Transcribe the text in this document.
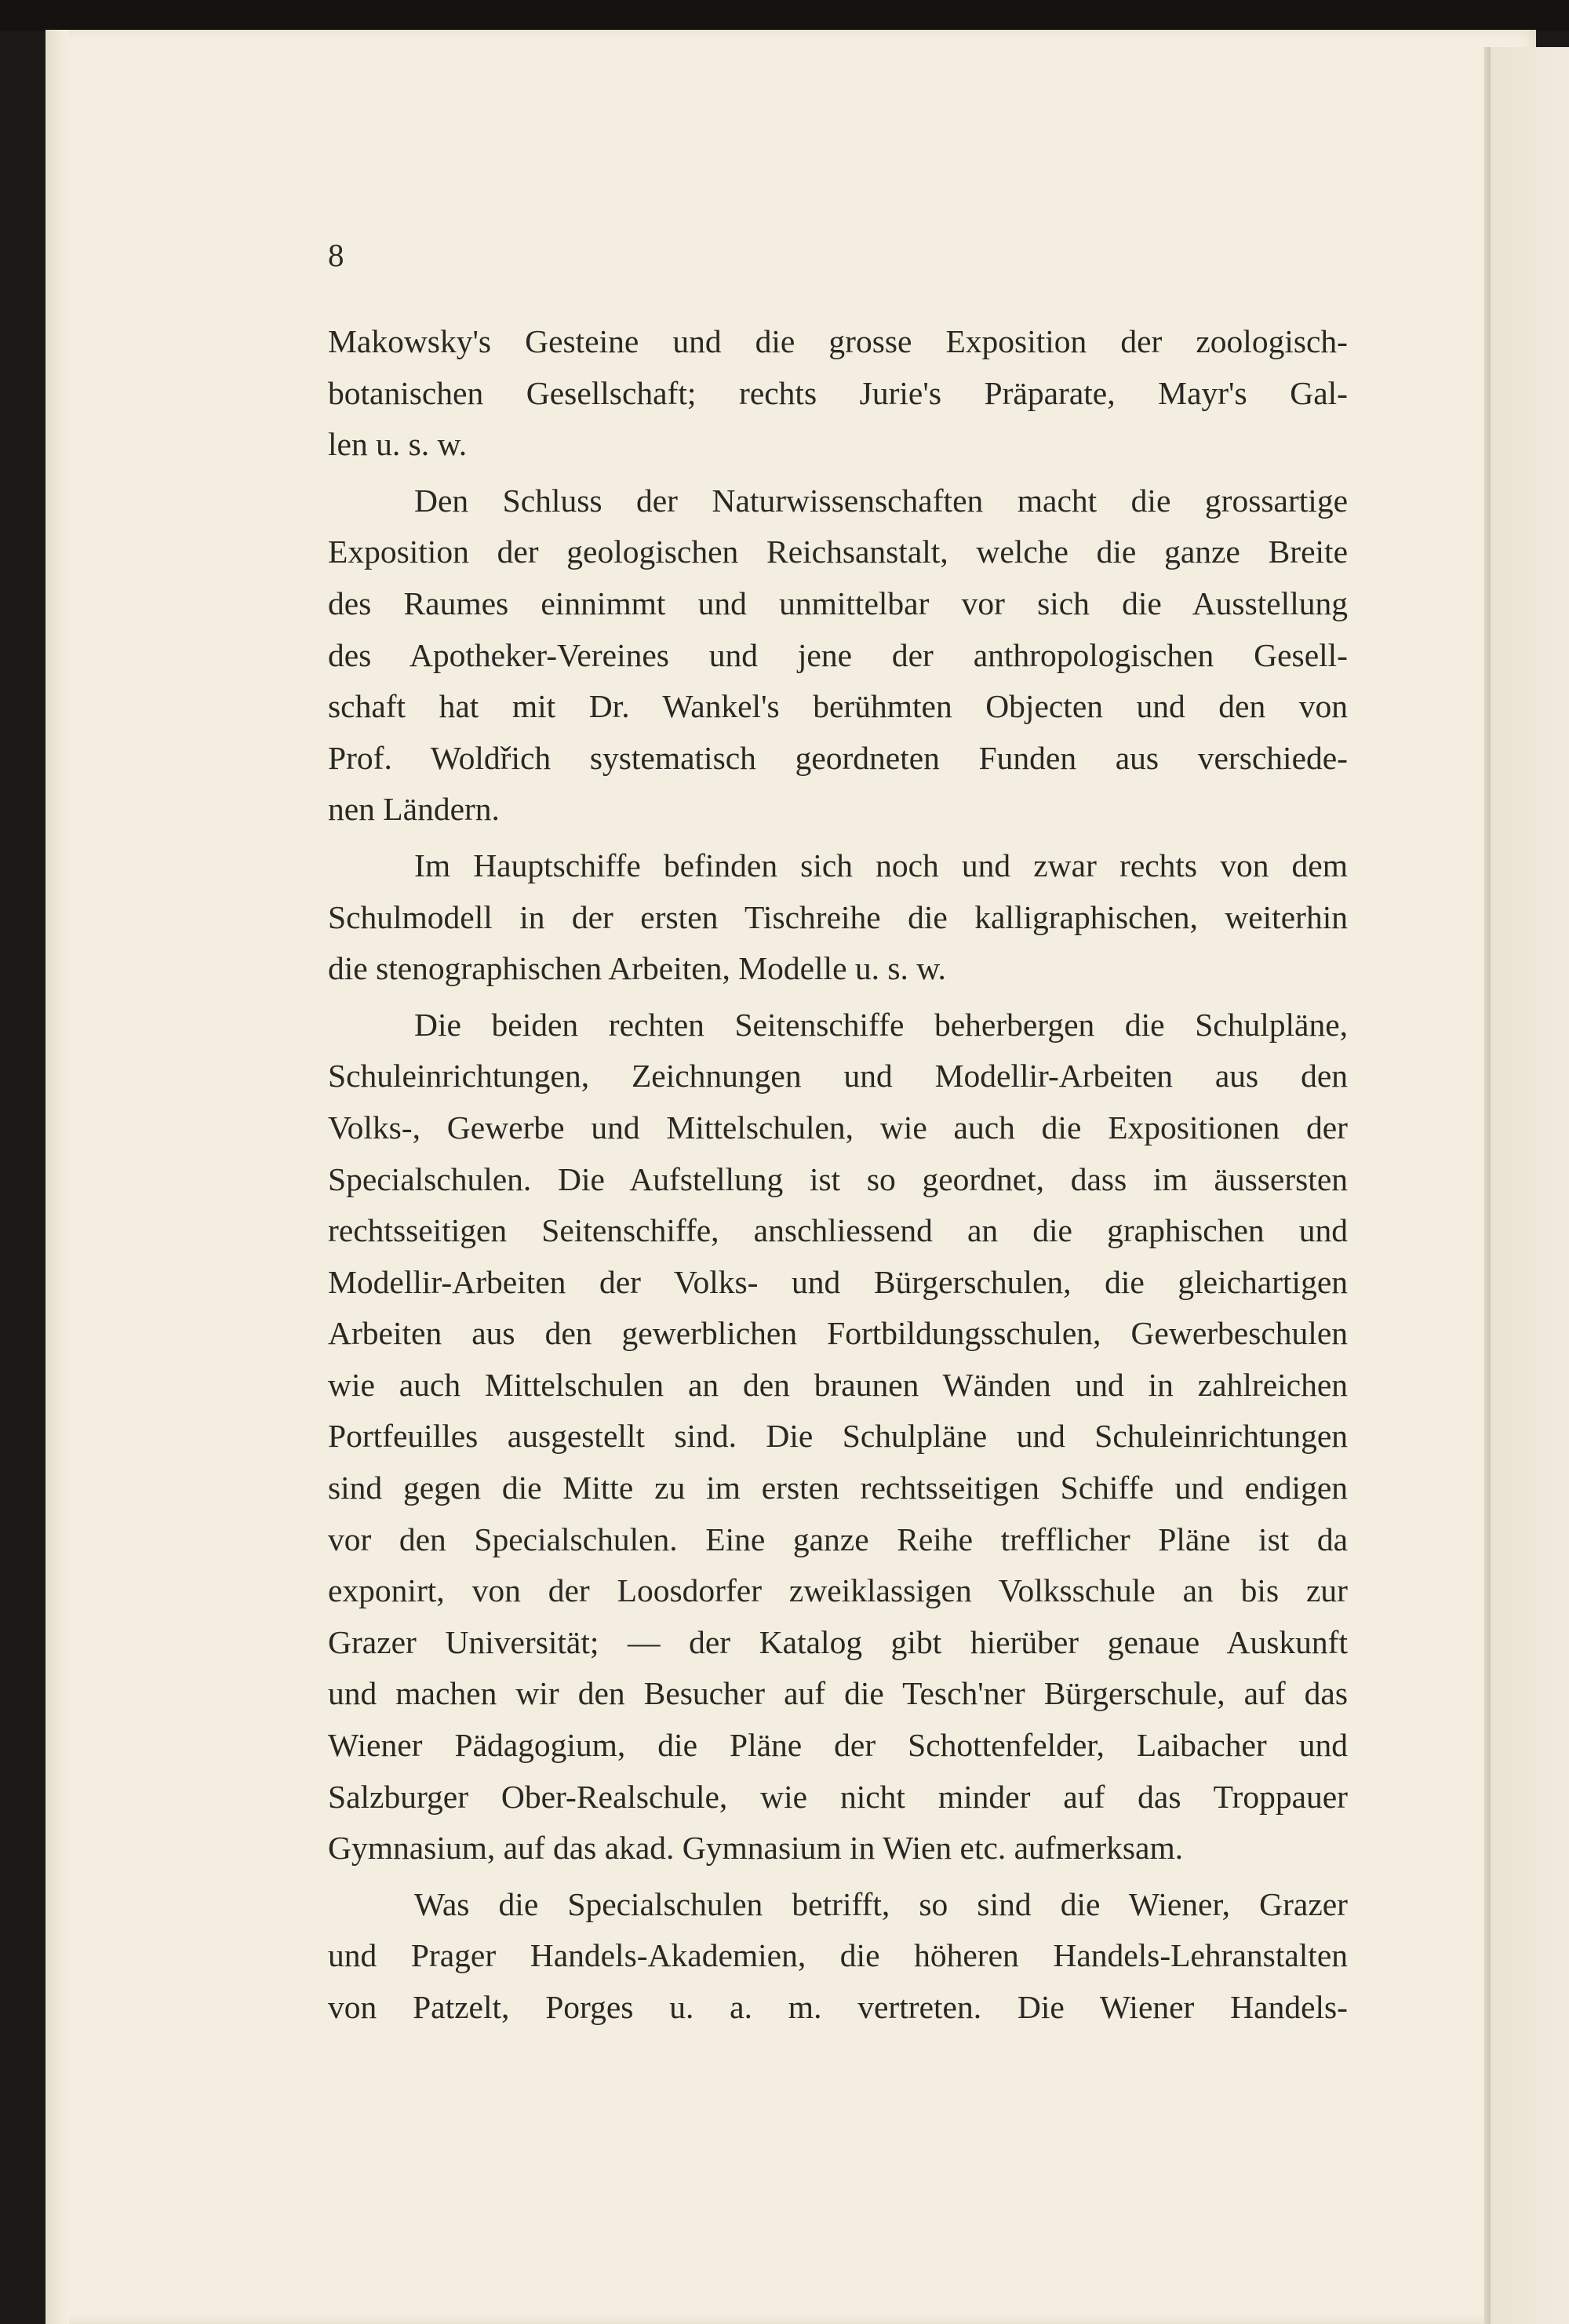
8

Makowsky's Gesteine und die grosse Exposition der zoologisch-
botanischen Gesellschaft; rechts Jurie's Präparate, Mayr's Gal-
len u. s. w.
Den Schluss der Naturwissenschaften macht die grossartige
Exposition der geologischen Reichsanstalt, welche die ganze Breite
des Raumes einnimmt und unmittelbar vor sich die Ausstellung
des Apotheker-Vereines und jene der anthropologischen Gesell-
schaft hat mit Dr. Wankel's berühmten Objecten und den von
Prof. Woldřich systematisch geordneten Funden aus verschiede-
nen Ländern.
Im Hauptschiffe befinden sich noch und zwar rechts von dem
Schulmodell in der ersten Tischreihe die kalligraphischen, weiterhin
die stenographischen Arbeiten, Modelle u. s. w.
Die beiden rechten Seitenschiffe beherbergen die Schulpläne,
Schuleinrichtungen, Zeichnungen und Modellir-Arbeiten aus den
Volks-, Gewerbe und Mittelschulen, wie auch die Expositionen der
Specialschulen. Die Aufstellung ist so geordnet, dass im äussersten
rechtsseitigen Seitenschiffe, anschliessend an die graphischen und
Modellir-Arbeiten der Volks- und Bürgerschulen, die gleichartigen
Arbeiten aus den gewerblichen Fortbildungsschulen, Gewerbeschulen
wie auch Mittelschulen an den braunen Wänden und in zahlreichen
Portfeuilles ausgestellt sind. Die Schulpläne und Schuleinrichtungen
sind gegen die Mitte zu im ersten rechtsseitigen Schiffe und endigen
vor den Specialschulen. Eine ganze Reihe trefflicher Pläne ist da
exponirt, von der Loosdorfer zweiklassigen Volksschule an bis zur
Grazer Universität; — der Katalog gibt hierüber genaue Auskunft
und machen wir den Besucher auf die Tesch'ner Bürgerschule, auf das
Wiener Pädagogium, die Pläne der Schottenfelder, Laibacher und
Salzburger Ober-Realschule, wie nicht minder auf das Troppauer
Gymnasium, auf das akad. Gymnasium in Wien etc. aufmerksam.
Was die Specialschulen betrifft, so sind die Wiener, Grazer
und Prager Handels-Akademien, die höheren Handels-Lehranstalten
von Patzelt, Porges u. a. m. vertreten. Die Wiener Handels-
